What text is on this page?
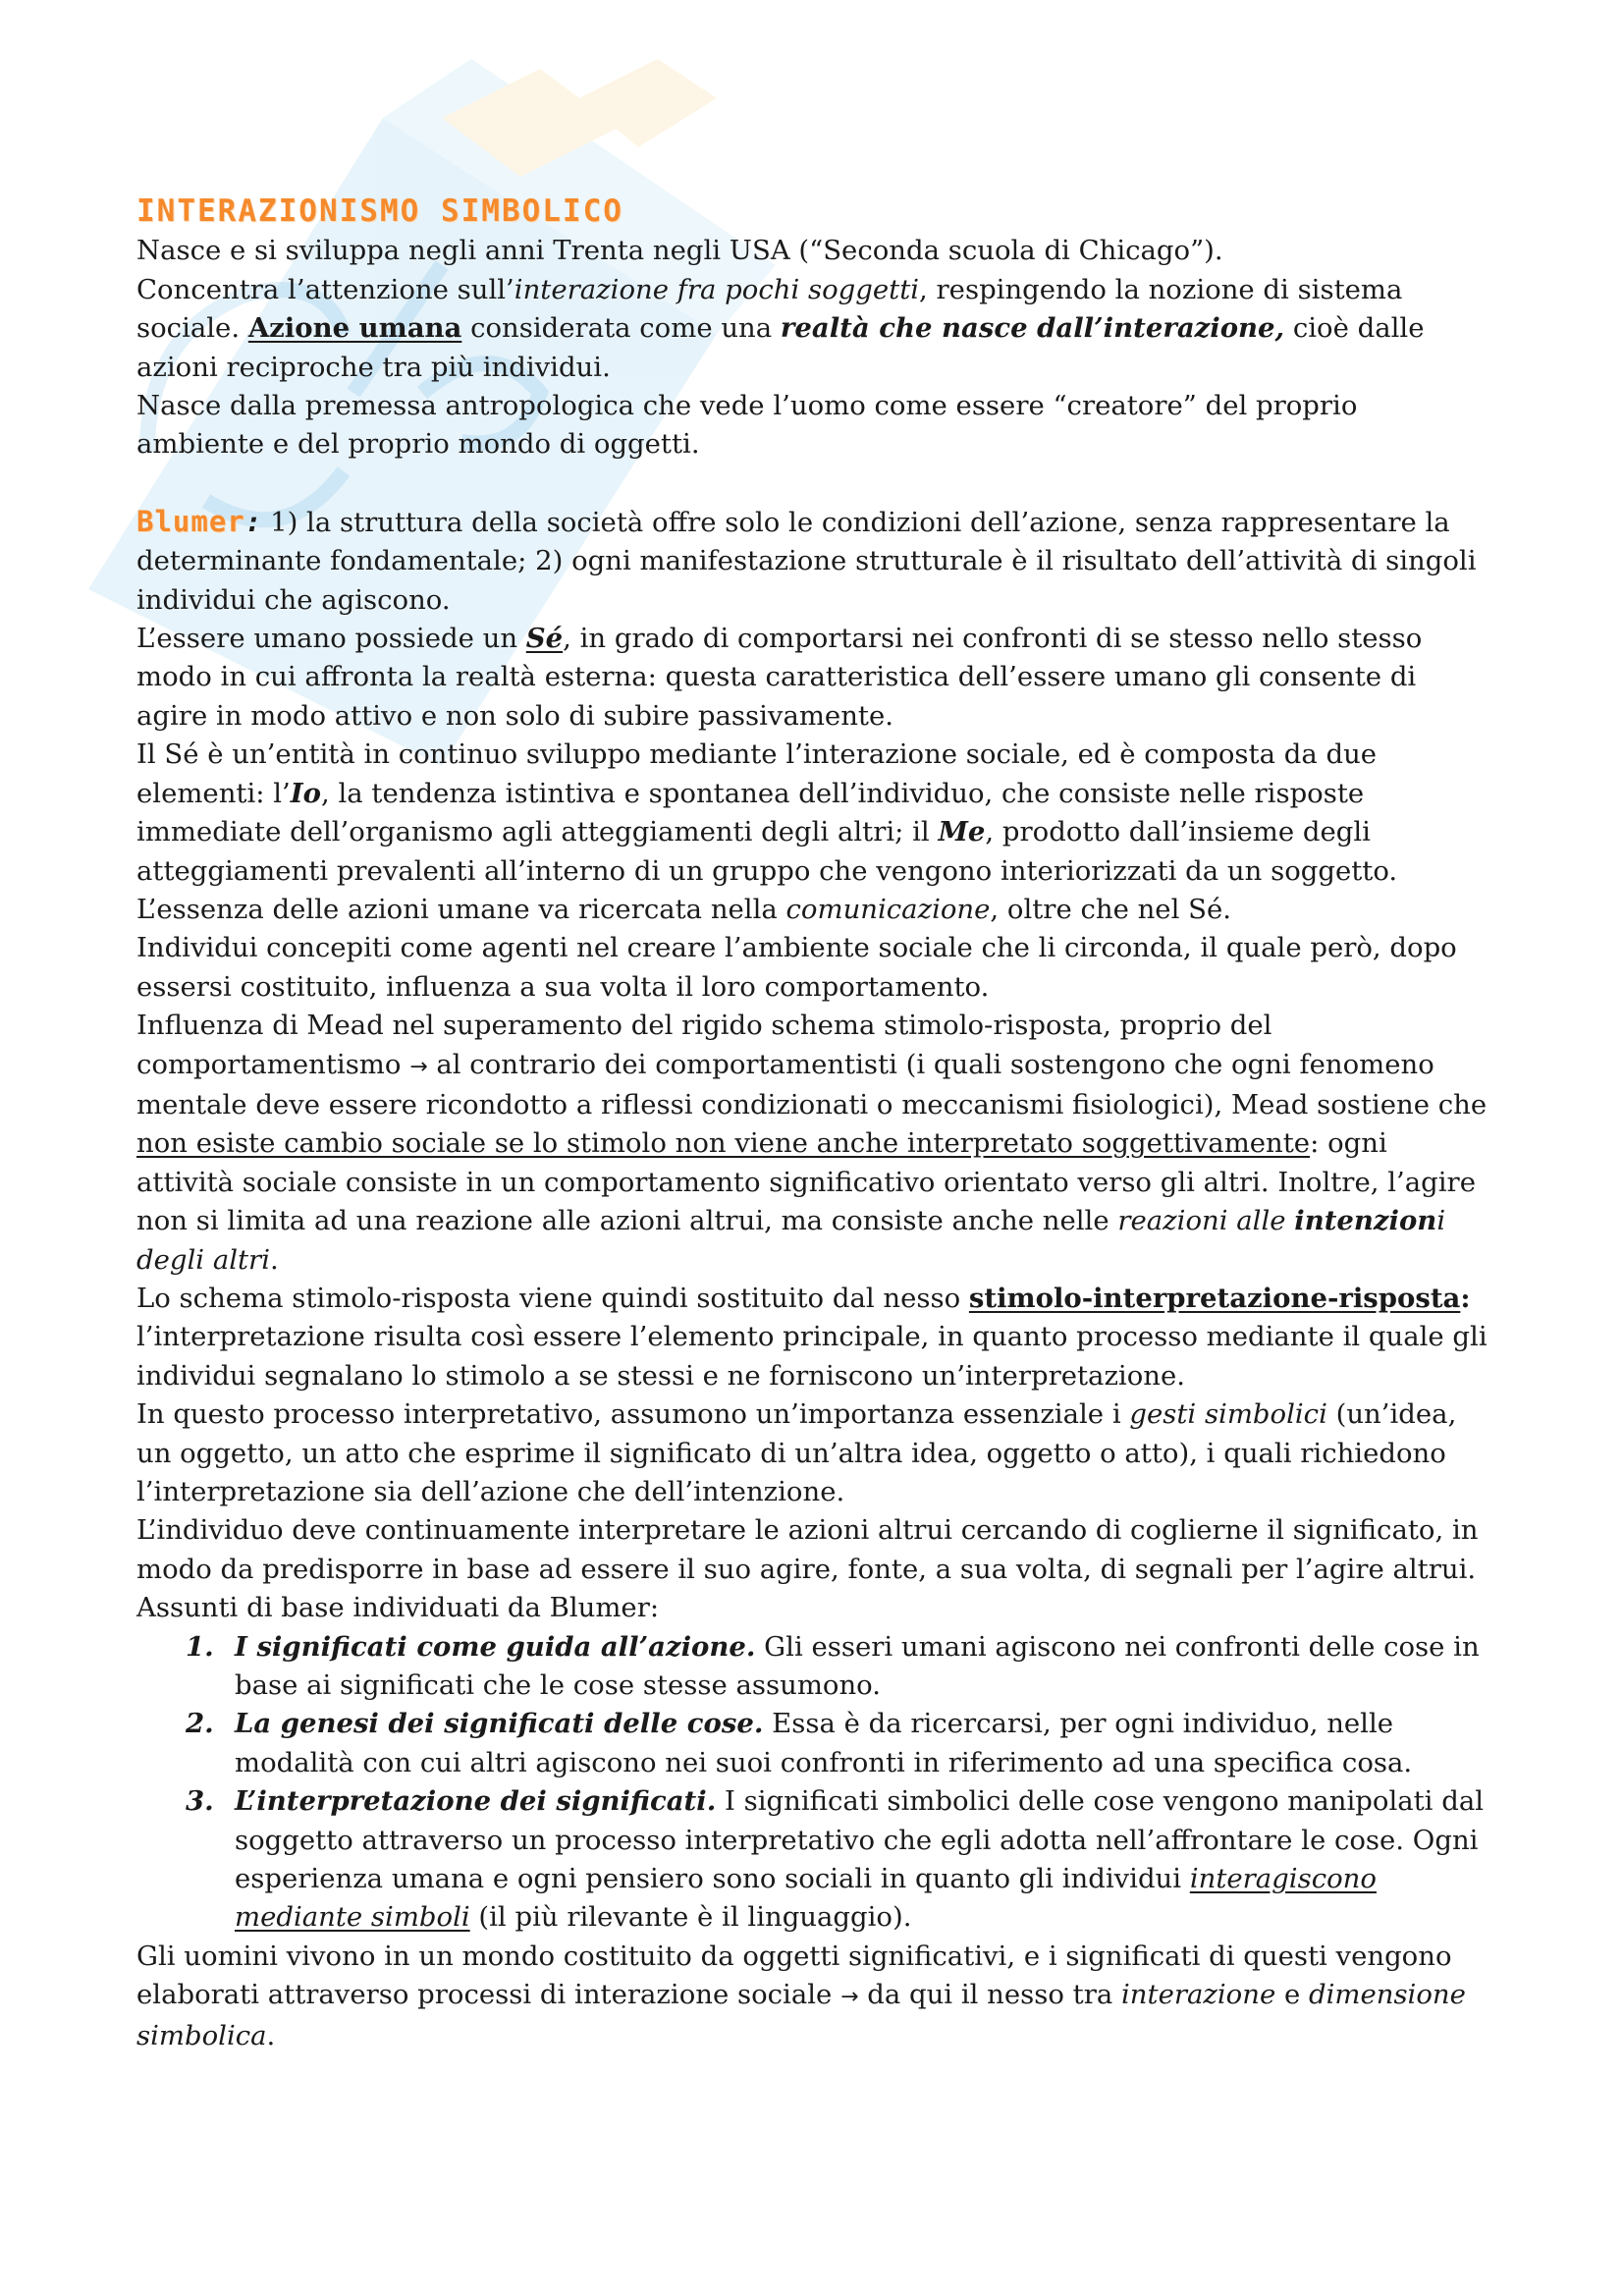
INTERAZIONISMO SIMBOLICO

Nasce e si sviluppa negli anni Trenta negli USA (“Seconda scuola di Chicago”).

Concentra l’attenzione sull’interazione fra pochi soggetti, respingendo la nozione di sistema sociale. Azione umana considerata come una realtà che nasce dall’interazione, cioè dalle azioni reciproche tra più individui.

Nasce dalla premessa antropologica che vede l’uomo come essere “creatore” del proprio ambiente e del proprio mondo di oggetti.

Blumer: 1) la struttura della società offre solo le condizioni dell’azione, senza rappresentare la determinante fondamentale; 2) ogni manifestazione strutturale è il risultato dell’attività di singoli individui che agiscono.

L’essere umano possiede un Sé, in grado di comportarsi nei confronti di se stesso nello stesso modo in cui affronta la realtà esterna: questa caratteristica dell’essere umano gli consente di agire in modo attivo e non solo di subire passivamente.

Il Sé è un’entità in continuo sviluppo mediante l’interazione sociale, ed è composta da due elementi: l’Io, la tendenza istintiva e spontanea dell’individuo, che consiste nelle risposte immediate dell’organismo agli atteggiamenti degli altri; il Me, prodotto dall’insieme degli atteggiamenti prevalenti all’interno di un gruppo che vengono interiorizzati da un soggetto.

L’essenza delle azioni umane va ricercata nella comunicazione, oltre che nel Sé.

Individui concepiti come agenti nel creare l’ambiente sociale che li circonda, il quale però, dopo essersi costituito, influenza a sua volta il loro comportamento.

Influenza di Mead nel superamento del rigido schema stimolo-risposta, proprio del comportamentismo → al contrario dei comportamentisti (i quali sostengono che ogni fenomeno mentale deve essere ricondotto a riflessi condizionati o meccanismi fisiologici), Mead sostiene che non esiste cambio sociale se lo stimolo non viene anche interpretato soggettivamente: ogni attività sociale consiste in un comportamento significativo orientato verso gli altri. Inoltre, l’agire non si limita ad una reazione alle azioni altrui, ma consiste anche nelle reazioni alle intenzioni degli altri.

Lo schema stimolo-risposta viene quindi sostituito dal nesso stimolo-interpretazione-risposta: l’interpretazione risulta così essere l’elemento principale, in quanto processo mediante il quale gli individui segnalano lo stimolo a se stessi e ne forniscono un’interpretazione.

In questo processo interpretativo, assumono un’importanza essenziale i gesti simbolici (un’idea, un oggetto, un atto che esprime il significato di un’altra idea, oggetto o atto), i quali richiedono l’interpretazione sia dell’azione che dell’intenzione.

L’individuo deve continuamente interpretare le azioni altrui cercando di coglierne il significato, in modo da predisporre in base ad essere il suo agire, fonte, a sua volta, di segnali per l’agire altrui.

Assunti di base individuati da Blumer:

1. I significati come guida all’azione. Gli esseri umani agiscono nei confronti delle cose in base ai significati che le cose stesse assumono.
2. La genesi dei significati delle cose. Essa è da ricercarsi, per ogni individuo, nelle modalità con cui altri agiscono nei suoi confronti in riferimento ad una specifica cosa.
3. L’interpretazione dei significati. I significati simbolici delle cose vengono manipolati dal soggetto attraverso un processo interpretativo che egli adotta nell’affrontare le cose. Ogni esperienza umana e ogni pensiero sono sociali in quanto gli individui interagiscono mediante simboli (il più rilevante è il linguaggio).

Gli uomini vivono in un mondo costituito da oggetti significativi, e i significati di questi vengono elaborati attraverso processi di interazione sociale → da qui il nesso tra interazione e dimensione simbolica.
